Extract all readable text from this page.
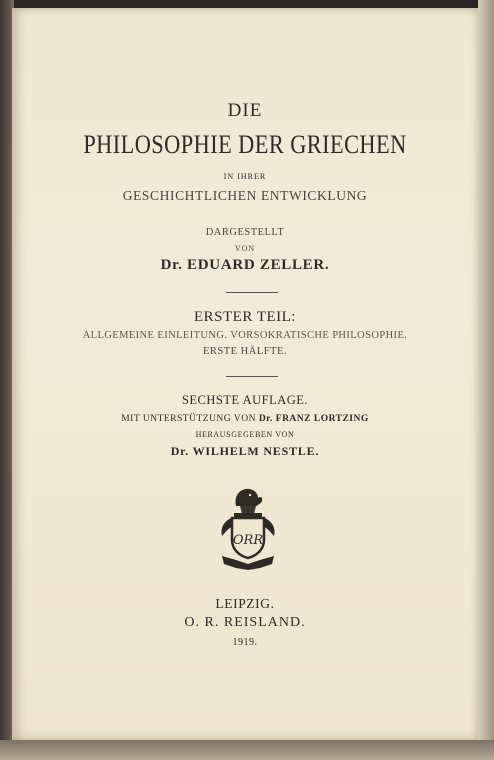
DIE
PHILOSOPHIE DER GRIECHEN
IN IHRER
GESCHICHTLICHEN ENTWICKLUNG
DARGESTELLT
VON
Dr. EDUARD ZELLER.
ERSTER TEIL:
ALLGEMEINE EINLEITUNG. VORSOKRATISCHE PHILOSOPHIE.
ERSTE HÄLFTE.
SECHSTE AUFLAGE.
MIT UNTERSTÜTZUNG VON Dr. FRANZ LORTZING
HERAUSGEGEBEN VON
Dr. WILHELM NESTLE.
ORR
LEIPZIG.
O. R. REISLAND.
1919.
